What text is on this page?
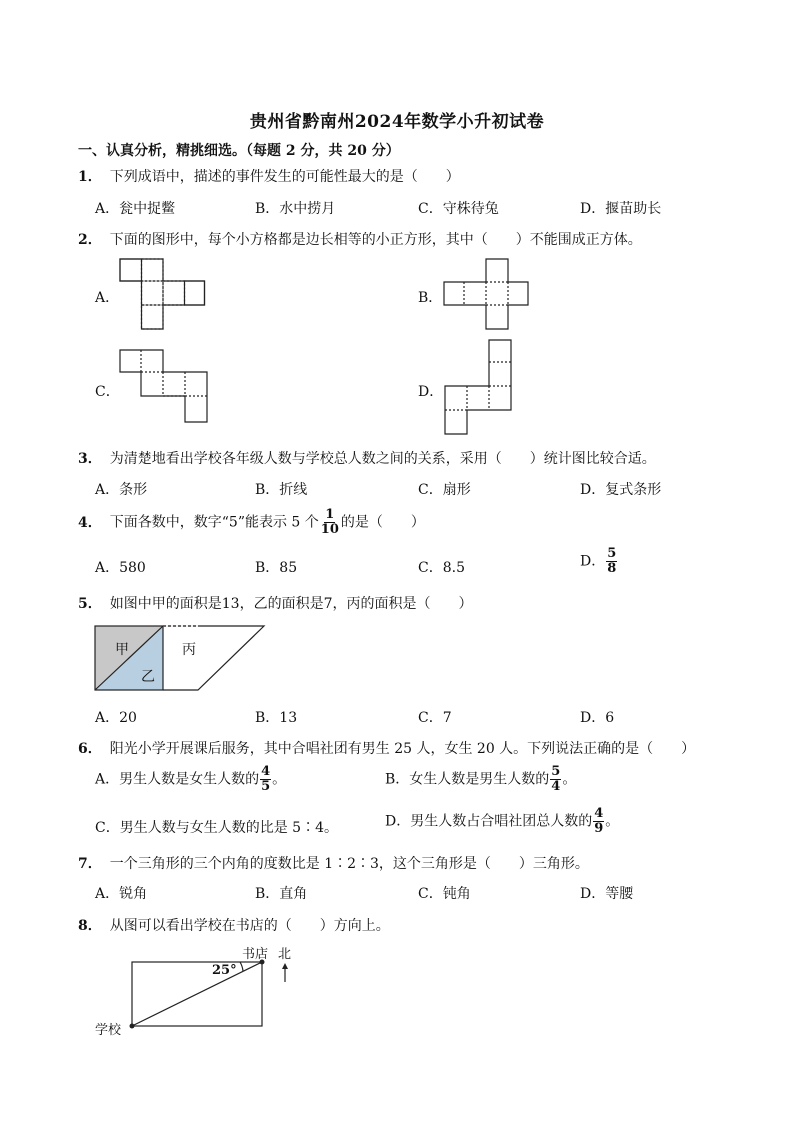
贵州省黔南州2024年数学小升初试卷
一、认真分析，精挑细选。（每题 2 分，共 20 分）
1． 下列成语中，描述的事件发生的可能性最大的是（　　）
A．瓮中捉鳖	B．水中捞月	C．守株待兔	D．揠苗助长
2． 下面的图形中，每个小方格都是边长相等的小正方形，其中（　　）不能围成正方体。
A．	B．
C．	D．
3． 为清楚地看出学校各年级人数与学校总人数之间的关系，采用（　　）统计图比较合适。
A．条形	B．折线	C．扇形	D．复式条形
4． 下面各数中，数字“5”能表示 5 个 $\frac{1}{10}$ 的是（　　）
A．580	B．85	C．8.5	D． $\frac{5}{8}$
5． 如图中甲的面积是13，乙的面积是7，丙的面积是（　　）
甲
乙
丙
A．20	B．13	C．7	D．6
6． 阳光小学开展课后服务，其中合唱社团有男生 25 人，女生 20 人。下列说法正确的是（　　）
A．男生人数是女生人数的 $\frac{4}{5}$ 。	B．女生人数是男生人数的 $\frac{5}{4}$ 。
C．男生人数与女生人数的比是 5∶4。	D．男生人数占合唱社团总人数的 $\frac{4}{9}$ 。
7． 一个三角形的三个内角的度数比是 1∶2∶3，这个三角形是（　　）三角形。
A．锐角	B．直角	C．钝角	D．等腰
8． 从图可以看出学校在书店的（　　）方向上。
书店 北
25°
学校
